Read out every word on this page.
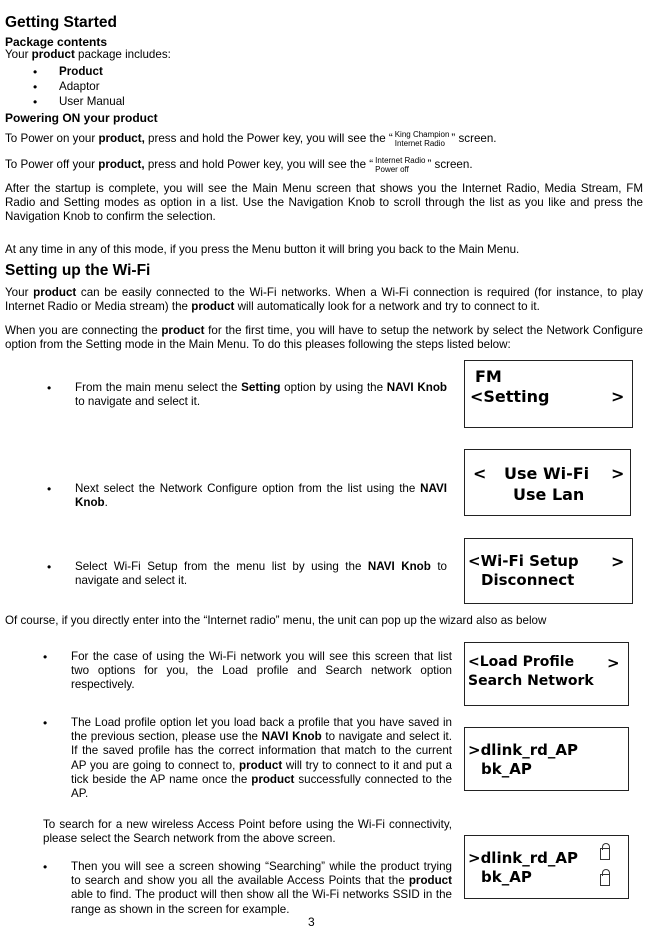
Getting Started
Package contents

Your product package includes:

• Product

• Adaptor

• User Manual

Powering ON your product

To Power on your product, press and hold the Power key, you will see the “ King Champion
Internet Radio ” screen.

To Power off your product, press and hold Power key, you will see the “ Internet Radio
Power off ” screen.

After the startup is complete, you will see the Main Menu screen that shows you the Internet Radio, Media Stream, FM Radio and Setting modes as option in a list. Use the Navigation Knob to scroll through the list as you like and press the Navigation Knob to confirm the selection.

At any time in any of this mode, if you press the Menu button it will bring you back to the Main Menu.

Setting up the Wi-Fi

Your product can be easily connected to the Wi-Fi networks. When a Wi-Fi connection is required (for instance, to play Internet Radio or Media stream) the product will automatically look for a network and try to connect to it.

When you are connecting the product for the first time, you will have to setup the network by select the Network Configure option from the Setting mode in the Main Menu. To do this pleases following the steps listed below:

• From the main menu select the Setting option by using the NAVI Knob to navigate and select it.

FM
<Setting	>
• Next select the Network Configure option from the list using the NAVI Knob.

< Use Wi-Fi >
Use Lan
• Select Wi-Fi Setup from the menu list by using the NAVI Knob to navigate and select it.

<Wi-Fi Setup >
Disconnect

Of course, if you directly enter into the “Internet radio” menu, the unit can pop up the wizard also as below

• For the case of using the Wi-Fi network you will see this screen that list two options for you, the Load profile and Search network option respectively.

<Load Profile >
Search Network
• The Load profile option let you load back a profile that you have saved in the previous section, please use the NAVI Knob to navigate and select it. If the saved profile has the correct information that match to the current AP you are going to connect to, product will try to connect to it and put a tick beside the AP name once the product successfully connected to the AP.

>dlink_rd_AP
bk_AP

To search for a new wireless Access Point before using the Wi-Fi connectivity, please select the Search network from the above screen.

• Then you will see a screen showing “Searching” while the product trying to search and show you all the available Access Points that the product able to find. The product will then show all the Wi-Fi networks SSID in the range as shown in the screen for example.

>dlink_rd_AP
bk_AP

3
